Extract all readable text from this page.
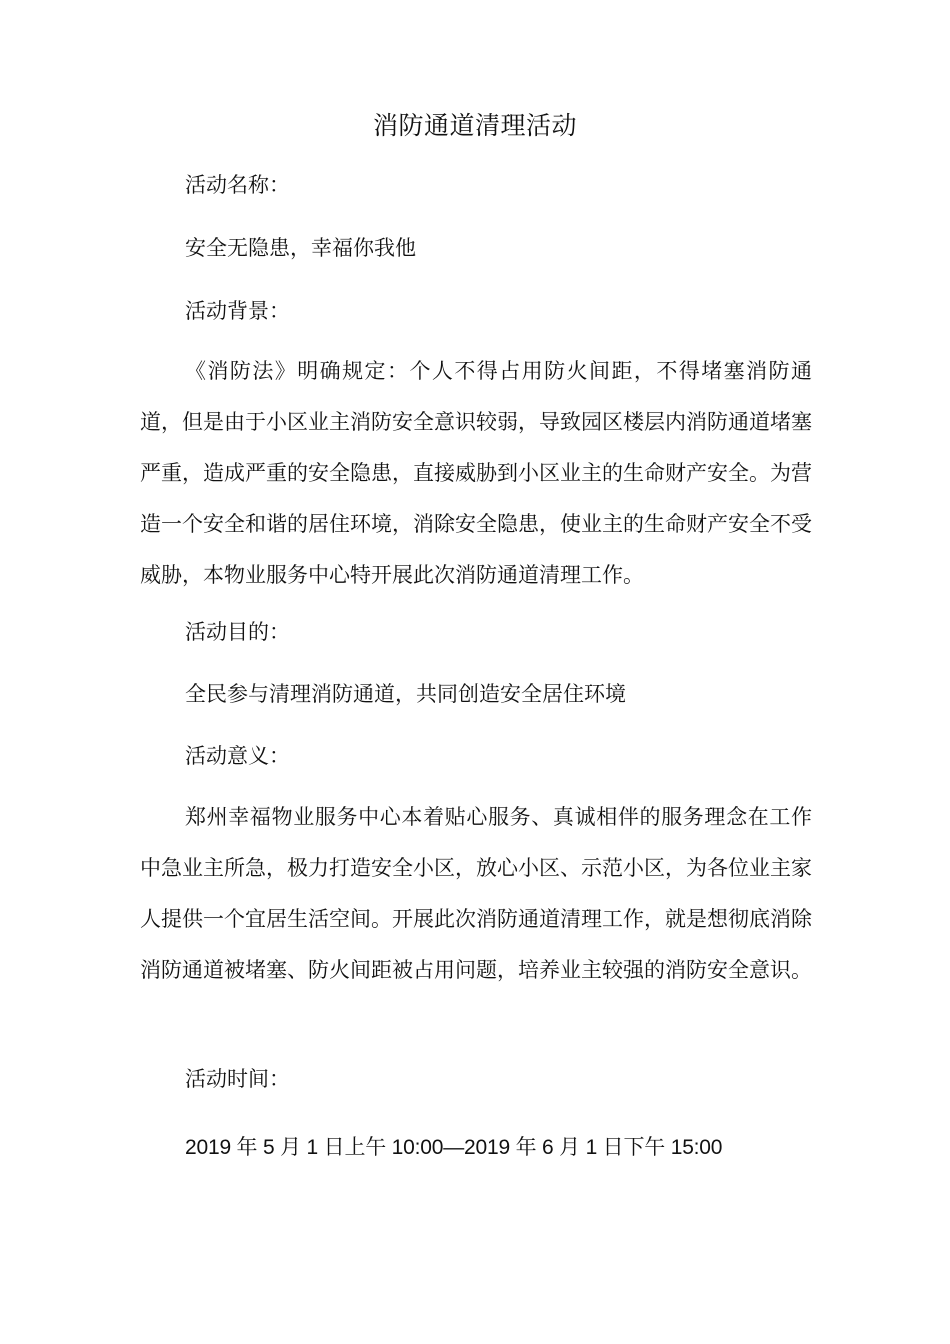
消防通道清理活动
活动名称：
安全无隐患，幸福你我他
活动背景：
《消防法》明确规定：个人不得占用防火间距，不得堵塞消防通道，但是由于小区业主消防安全意识较弱，导致园区楼层内消防通道堵塞严重，造成严重的安全隐患，直接威胁到小区业主的生命财产安全。为营造一个安全和谐的居住环境，消除安全隐患，使业主的生命财产安全不受威胁，本物业服务中心特开展此次消防通道清理工作。
活动目的：
全民参与清理消防通道，共同创造安全居住环境
活动意义：
郑州幸福物业服务中心本着贴心服务、真诚相伴的服务理念在工作中急业主所急，极力打造安全小区，放心小区、示范小区，为各位业主家人提供一个宜居生活空间。开展此次消防通道清理工作，就是想彻底消除消防通道被堵塞、防火间距被占用问题，培养业主较强的消防安全意识。
活动时间：
2019 年 5 月 1 日上午 10:00—2019 年 6 月 1 日下午 15:00
